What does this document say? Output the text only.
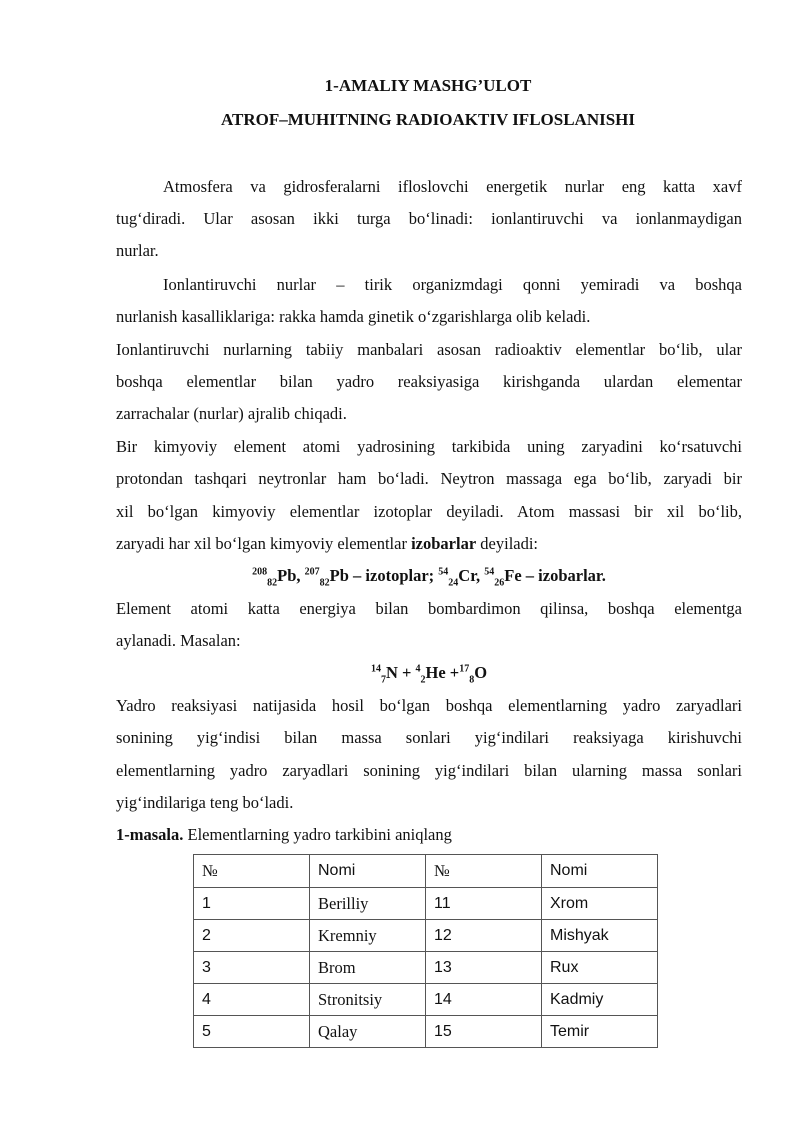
1-AMALIY MASHG’ULOT
ATROF–MUHITNING RADIOAKTIV IFLOSLANISHI
Atmosfera va gidrosferalarni ifloslovchi energetik nurlar eng katta xavf
tug‘diradi. Ular asosan ikki turga bo‘linadi: ionlantiruvchi va ionlanmaydigan
nurlar.
Ionlantiruvchi nurlar – tirik organizmdagi qonni yemiradi va boshqa
nurlanish kasalliklariga: rakka hamda ginetik o‘zgarishlarga olib keladi.
Ionlantiruvchi nurlarning tabiiy manbalari asosan radioaktiv elementlar bo‘lib, ular
boshqa elementlar bilan yadro reaksiyasiga kirishganda ulardan elementar
zarrachalar (nurlar) ajralib chiqadi.
Bir kimyoviy element atomi yadrosining tarkibida uning zaryadini ko‘rsatuvchi
protondan tashqari neytronlar ham bo‘ladi. Neytron massaga ega bo‘lib, zaryadi bir
xil bo‘lgan kimyoviy elementlar izotoplar deyiladi. Atom massasi bir xil bo‘lib,
zaryadi har xil bo‘lgan kimyoviy elementlar izobarlar deyiladi:
$^{208}_{82}$Pb, $^{207}_{82}$Pb – izotoplar; $^{54}_{24}$Cr, $^{54}_{26}$Fe – izobarlar.
Element atomi katta energiya bilan bombardimon qilinsa, boshqa elementga
aylanadi. Masalan:
$^{14}_7$N + $^4_2$He +$^{17}_8$O
Yadro reaksiyasi natijasida hosil bo‘lgan boshqa elementlarning yadro zaryadlari
sonining yig‘indisi bilan massa sonlari yig‘indilari reaksiyaga kirishuvchi
elementlarning yadro zaryadlari sonining yig‘indilari bilan ularning massa sonlari
yig‘indilariga teng bo‘ladi.
1-masala. Elementlarning yadro tarkibini aniqlang
№	Nomi	№	Nomi
1	Berilliy	11	Xrom
2	Kremniy	12	Mishyak
3	Brom	13	Rux
4	Stronitsiy	14	Kadmiy
5	Qalay	15	Temir
